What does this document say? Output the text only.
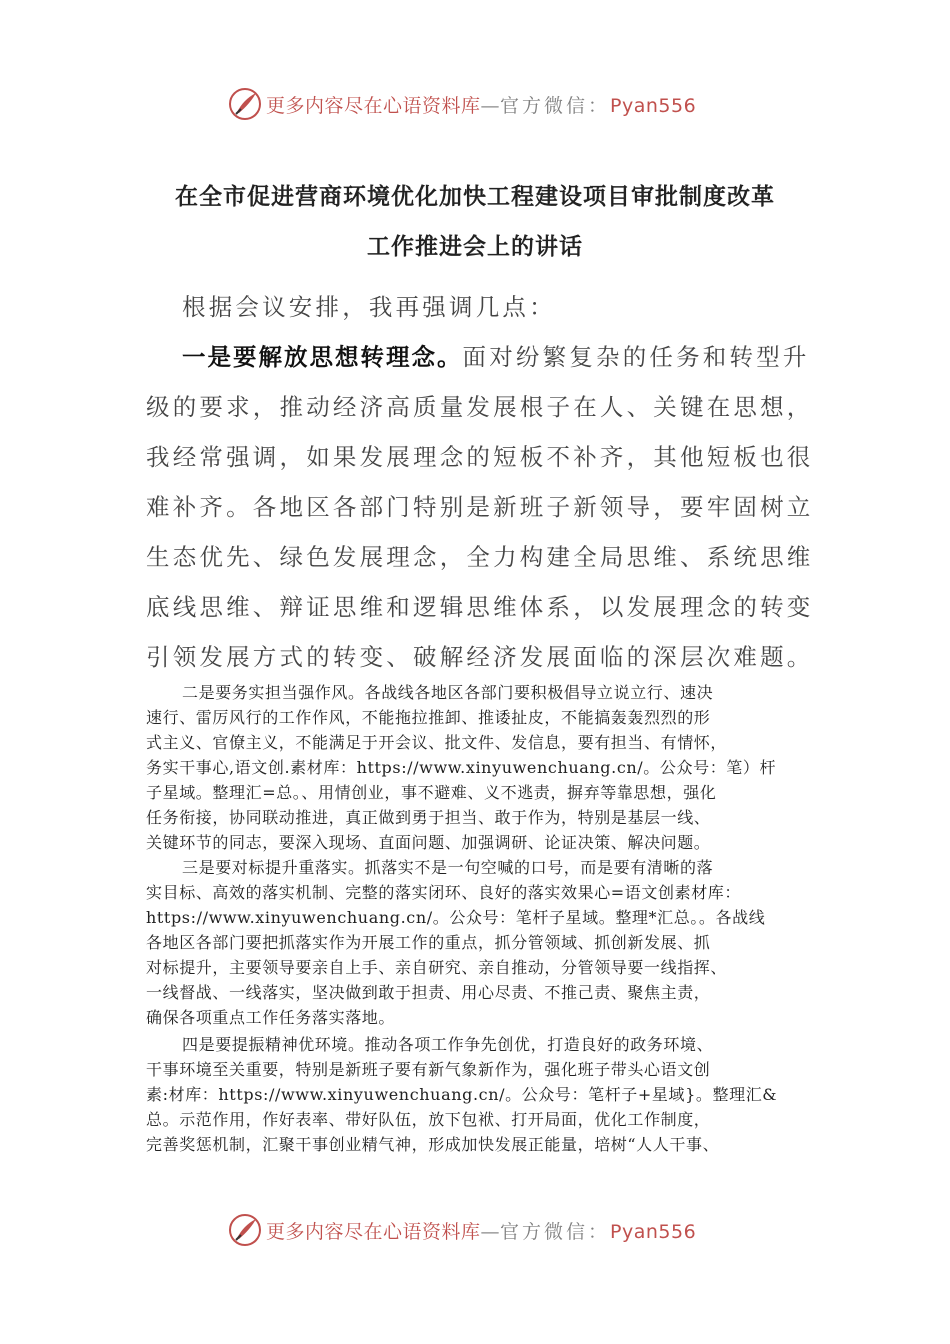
更多内容尽在心语资料库—官方微信：Pyan556
在全市促进营商环境优化加快工程建设项目审批制度改革
工作推进会上的讲话
根据会议安排，我再强调几点：
一是要解放思想转理念。面对纷繁复杂的任务和转型升
级的要求，推动经济高质量发展根子在人、关键在思想，
我经常强调，如果发展理念的短板不补齐，其他短板也很
难补齐。各地区各部门特别是新班子新领导，要牢固树立
生态优先、绿色发展理念，全力构建全局思维、系统思维
底线思维、辩证思维和逻辑思维体系，以发展理念的转变
引领发展方式的转变、破解经济发展面临的深层次难题。
二是要务实担当强作风。各战线各地区各部门要积极倡导立说立行、速决
速行、雷厉风行的工作作风，不能拖拉推卸、推诿扯皮，不能搞轰轰烈烈的形
式主义、官僚主义，不能满足于开会议、批文件、发信息，要有担当、有情怀，
务实干事心,语文创.素材库：https://www.xinyuwenchuang.cn/。公众号：笔）杆
子星域。整理汇=总。、用情创业，事不避难、义不逃责，摒弃等靠思想，强化
任务衔接，协同联动推进，真正做到勇于担当、敢于作为，特别是基层一线、
关键环节的同志，要深入现场、直面问题、加强调研、论证决策、解决问题。
三是要对标提升重落实。抓落实不是一句空喊的口号，而是要有清晰的落
实目标、高效的落实机制、完整的落实闭环、良好的落实效果心=语文创素材库：
https://www.xinyuwenchuang.cn/。公众号：笔杆子星域。整理*汇总。。各战线
各地区各部门要把抓落实作为开展工作的重点，抓分管领域、抓创新发展、抓
对标提升，主要领导要亲自上手、亲自研究、亲自推动，分管领导要一线指挥、
一线督战、一线落实，坚决做到敢于担责、用心尽责、不推己责、聚焦主责，
确保各项重点工作任务落实落地。
四是要提振精神优环境。推动各项工作争先创优，打造良好的政务环境、
干事环境至关重要，特别是新班子要有新气象新作为，强化班子带头心语文创
素:材库：https://www.xinyuwenchuang.cn/。公众号：笔杆子+星域}。整理汇&
总。示范作用，作好表率、带好队伍，放下包袱、打开局面，优化工作制度，
完善奖惩机制，汇聚干事创业精气神，形成加快发展正能量，培树“人人干事、
更多内容尽在心语资料库—官方微信：Pyan556
